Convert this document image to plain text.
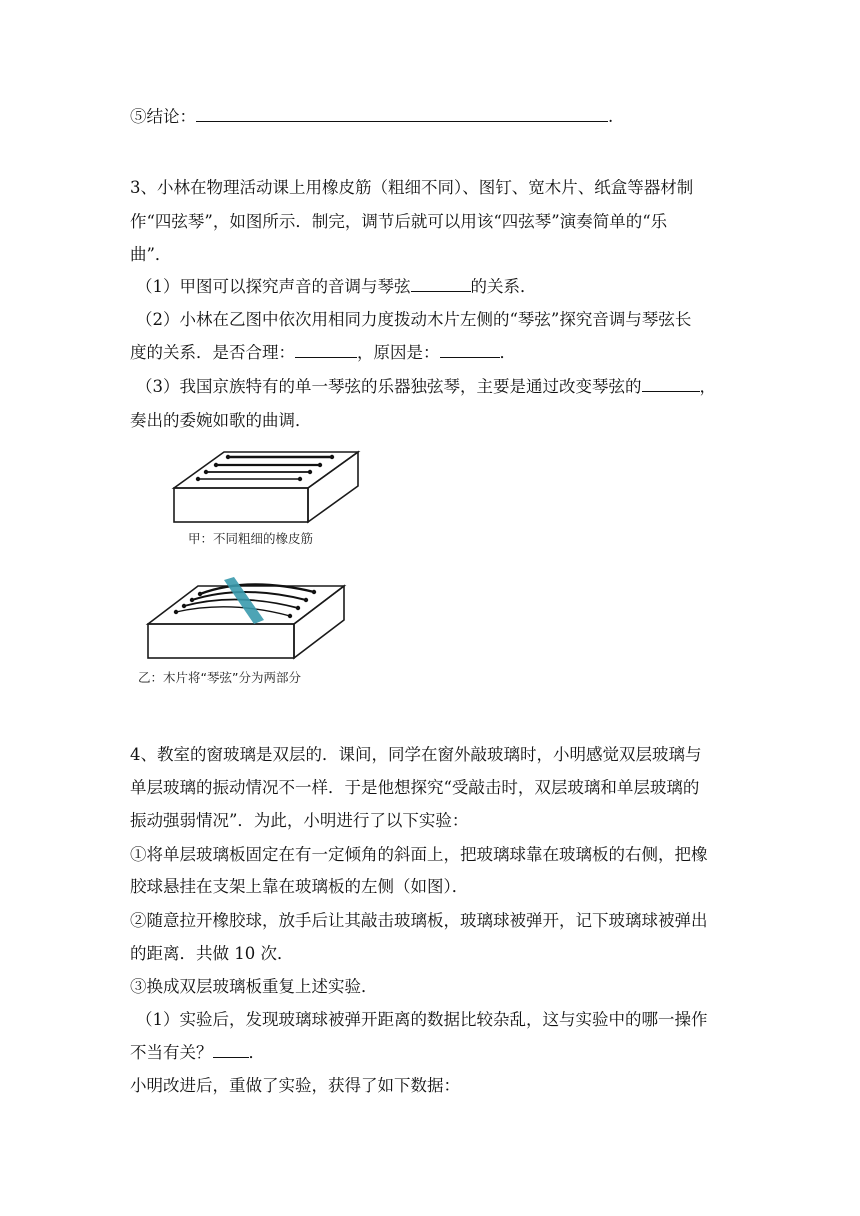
⑤结论：	.
3、小林在物理活动课上用橡皮筋（粗细不同）、图钉、宽木片、纸盒等器材制
作“四弦琴”，如图所示．制完，调节后就可以用该“四弦琴”演奏简单的“乐
曲”．
（1）甲图可以探究声音的音调与琴弦	的关系．
（2）小林在乙图中依次用相同力度拨动木片左侧的“琴弦”探究音调与琴弦长
度的关系．是否合理：	，原因是：	．
（3）我国京族特有的单一琴弦的乐器独弦琴，主要是通过改变琴弦的	，
奏出的委婉如歌的曲调．
甲：不同粗细的橡皮筋
乙：木片将“琴弦”分为两部分
4、教室的窗玻璃是双层的．课间，同学在窗外敲玻璃时，小明感觉双层玻璃与
单层玻璃的振动情况不一样．于是他想探究“受敲击时，双层玻璃和单层玻璃的
振动强弱情况”．为此，小明进行了以下实验：
①将单层玻璃板固定在有一定倾角的斜面上，把玻璃球靠在玻璃板的右侧，把橡
胶球悬挂在支架上靠在玻璃板的左侧（如图）．
②随意拉开橡胶球，放手后让其敲击玻璃板，玻璃球被弹开，记下玻璃球被弹出
的距离．共做 10 次．
③换成双层玻璃板重复上述实验．
（1）实验后，发现玻璃球被弹开距离的数据比较杂乱，这与实验中的哪一操作
不当有关？ ．
小明改进后，重做了实验，获得了如下数据：
